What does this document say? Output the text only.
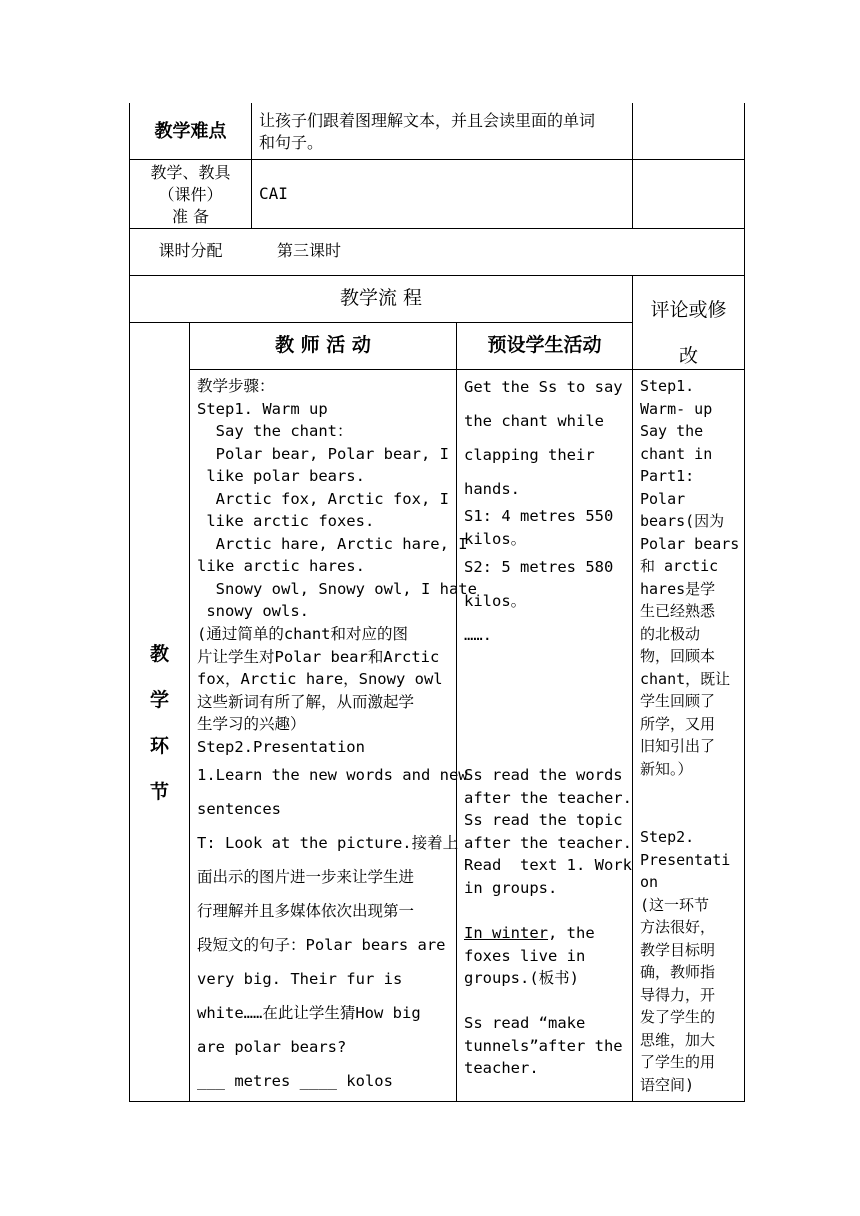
教学难点
让孩子们跟着图理解文本，并且会读里面的单词
和句子。
教学、教具
（课件）
准 备
CAI
课时分配	第三课时
教学流 程
评论或修
改
教 师 活 动	预设学生活动
教
学
环
节
教学步骤：
Step1. Warm up
Say the chant：
Polar bear, Polar bear, I
like polar bears.
Arctic fox, Arctic fox, I
like arctic foxes.
Arctic hare, Arctic hare, I
like arctic hares.
Snowy owl, Snowy owl, I hate
snowy owls.
(通过简单的chant和对应的图
片让学生对Polar bear和Arctic
fox，Arctic hare，Snowy owl
这些新词有所了解，从而激起学
生学习的兴趣）
Step2.Presentation
1.Learn the new words and new
sentences
T: Look at the picture.接着上
面出示的图片进一步来让学生进
行理解并且多媒体依次出现第一
段短文的句子：Polar bears are
very big. Their fur is
white……在此让学生猜How big
are polar bears?
___ metres ____ kolos
Get the Ss to say
the chant while
clapping their
hands.
S1: 4 metres 550
kilos。
S2: 5 metres 580
kilos。
…….
Ss read the words
after the teacher.
Ss read the topic
after the teacher.
Read  text 1. Work
in groups.
In winter, the
foxes live in
groups.(板书)
Ss read “make
tunnels”after the
teacher.
Step1.
Warm- up
Say the
chant in
Part1:
Polar
bears(因为
Polar bears
和 arctic
hares是学
生已经熟悉
的北极动
物，回顾本
chant，既让
学生回顾了
所学，又用
旧知引出了
新知。）
Step2.
Presentati
on
(这一环节
方法很好，
教学目标明
确，教师指
导得力，开
发了学生的
思维，加大
了学生的用
语空间)
